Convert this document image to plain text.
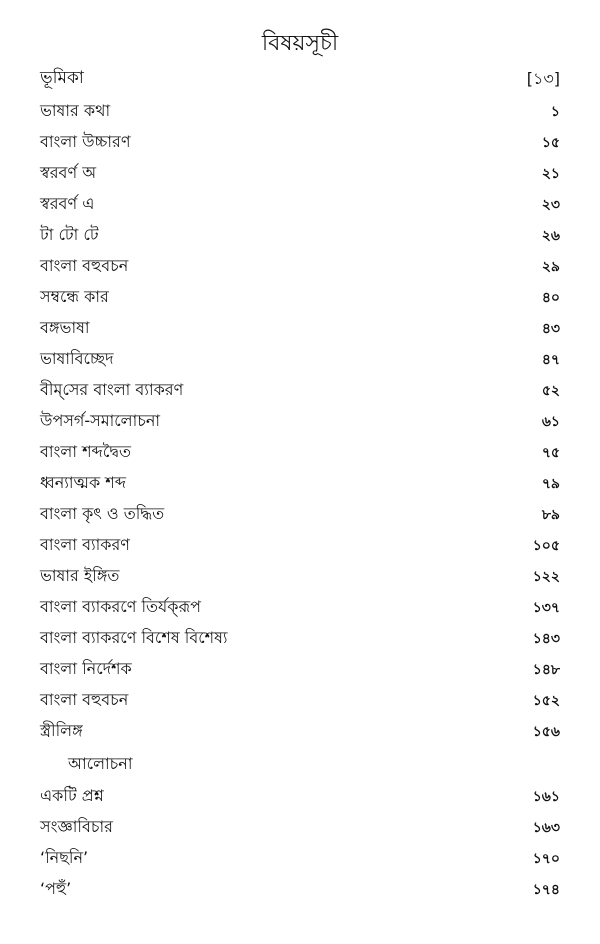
বিষয়সূচী
ভূমিকা	[১৩]
ভাষার কথা	১
বাংলা উচ্চারণ	১৫
স্বরবর্ণ অ	২১
স্বরবর্ণ এ	২৩
টা টো টে	২৬
বাংলা বহুবচন	২৯
সম্বন্ধে কার	৪০
বঙ্গভাষা	৪৩
ভাষাবিচ্ছেদ	৪৭
বীম্‌সের বাংলা ব্যাকরণ	৫২
উপসর্গ-সমালোচনা	৬১
বাংলা শব্দদ্বৈত	৭৫
ধ্বন্যাত্মক শব্দ	৭৯
বাংলা কৃৎ ও তদ্ধিত	৮৯
বাংলা ব্যাকরণ	১০৫
ভাষার ইঙ্গিত	১২২
বাংলা ব্যাকরণে তির্যক্‌রূপ	১৩৭
বাংলা ব্যাকরণে বিশেষ বিশেষ্য	১৪৩
বাংলা নির্দেশক	১৪৮
বাংলা বহুবচন	১৫২
স্ত্রীলিঙ্গ	১৫৬
আলোচনা
একটি প্রশ্ন	১৬১
সংজ্ঞাবিচার	১৬৩
‘নিছনি’	১৭০
‘পহুঁ’	১৭৪
